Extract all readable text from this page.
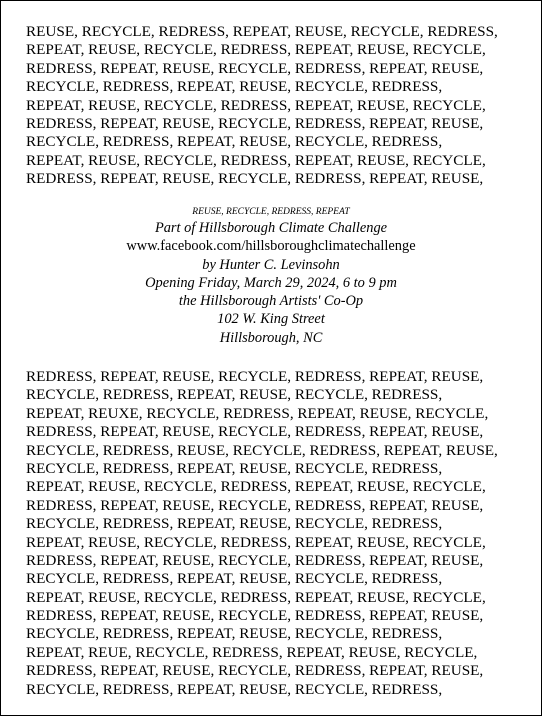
REUSE, RECYCLE, REDRESS, REPEAT, REUSE, RECYCLE, REDRESS,
REPEAT, REUSE, RECYCLE, REDRESS, REPEAT, REUSE, RECYCLE,
REDRESS, REPEAT, REUSE, RECYCLE, REDRESS, REPEAT, REUSE,
RECYCLE, REDRESS, REPEAT, REUSE, RECYCLE, REDRESS,
REPEAT, REUSE, RECYCLE, REDRESS, REPEAT, REUSE, RECYCLE,
REDRESS, REPEAT, REUSE, RECYCLE, REDRESS, REPEAT, REUSE,
RECYCLE, REDRESS, REPEAT, REUSE, RECYCLE, REDRESS,
REPEAT, REUSE, RECYCLE, REDRESS, REPEAT, REUSE, RECYCLE,
REDRESS, REPEAT, REUSE, RECYCLE, REDRESS, REPEAT, REUSE,
REUSE, RECYCLE, REDRESS, REPEAT
Part of Hillsborough Climate Challenge
www.facebook.com/hillsboroughclimatechallenge
by Hunter C. Levinsohn
Opening Friday, March 29, 2024, 6 to 9 pm
the Hillsborough Artists' Co-Op
102 W. King Street
Hillsborough, NC
REDRESS, REPEAT, REUSE, RECYCLE, REDRESS, REPEAT, REUSE,
RECYCLE, REDRESS, REPEAT, REUSE, RECYCLE, REDRESS,
REPEAT, REUXE, RECYCLE, REDRESS, REPEAT, REUSE, RECYCLE,
REDRESS, REPEAT, REUSE, RECYCLE, REDRESS, REPEAT, REUSE,
RECYCLE, REDRESS, REUSE, RECYCLE, REDRESS, REPEAT, REUSE,
RECYCLE, REDRESS, REPEAT, REUSE, RECYCLE, REDRESS,
REPEAT, REUSE, RECYCLE, REDRESS, REPEAT, REUSE, RECYCLE,
REDRESS, REPEAT, REUSE, RECYCLE, REDRESS, REPEAT, REUSE,
RECYCLE, REDRESS, REPEAT, REUSE, RECYCLE, REDRESS,
REPEAT, REUSE, RECYCLE, REDRESS, REPEAT, REUSE, RECYCLE,
REDRESS, REPEAT, REUSE, RECYCLE, REDRESS, REPEAT, REUSE,
RECYCLE, REDRESS, REPEAT, REUSE, RECYCLE, REDRESS,
REPEAT, REUSE, RECYCLE, REDRESS, REPEAT, REUSE, RECYCLE,
REDRESS, REPEAT, REUSE, RECYCLE, REDRESS, REPEAT, REUSE,
RECYCLE, REDRESS, REPEAT, REUSE, RECYCLE, REDRESS,
REPEAT, REUE, RECYCLE, REDRESS, REPEAT, REUSE, RECYCLE,
REDRESS, REPEAT, REUSE, RECYCLE, REDRESS, REPEAT, REUSE,
RECYCLE, REDRESS, REPEAT, REUSE, RECYCLE, REDRESS,
